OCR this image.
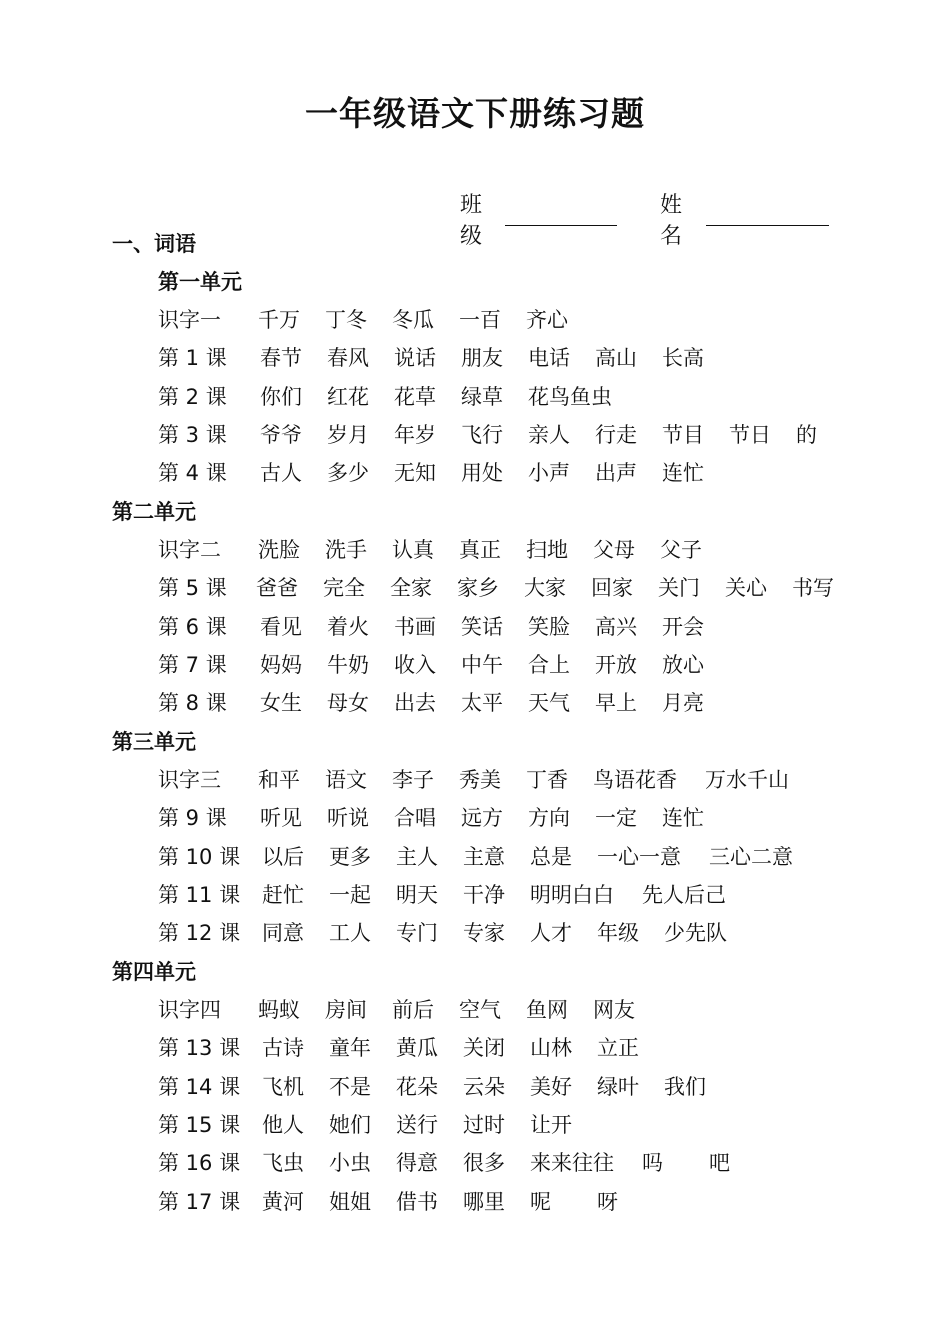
一年级语文下册练习题
班级
姓名
一、词语
第一单元
识字一 千万 丁冬 冬瓜 一百 齐心
第 1 课 春节 春风 说话 朋友 电话 高山 长高
第 2 课 你们 红花 花草 绿草 花鸟鱼虫
第 3 课 爷爷 岁月 年岁 飞行 亲人 行走 节目 节日 的
第 4 课 古人 多少 无知 用处 小声 出声 连忙
第二单元
识字二 洗脸 洗手 认真 真正 扫地 父母 父子
第 5 课 爸爸 完全 全家 家乡 大家 回家 关门 关心 书写
第 6 课 看见 着火 书画 笑话 笑脸 高兴 开会
第 7 课 妈妈 牛奶 收入 中午 合上 开放 放心
第 8 课 女生 母女 出去 太平 天气 早上 月亮
第三单元
识字三 和平 语文 李子 秀美 丁香 鸟语花香 万水千山
第 9 课 听见 听说 合唱 远方 方向 一定 连忙
第 10 课 以后 更多 主人 主意 总是 一心一意 三心二意
第 11 课 赶忙 一起 明天 干净 明明白白 先人后己
第 12 课 同意 工人 专门 专家 人才 年级 少先队
第四单元
识字四 蚂蚁 房间 前后 空气 鱼网 网友
第 13 课 古诗 童年 黄瓜 关闭 山林 立正
第 14 课 飞机 不是 花朵 云朵 美好 绿叶 我们
第 15 课 他人 她们 送行 过时 让开
第 16 课 飞虫 小虫 得意 很多 来来往往 吗 吧
第 17 课 黄河 姐姐 借书 哪里 呢 呀
